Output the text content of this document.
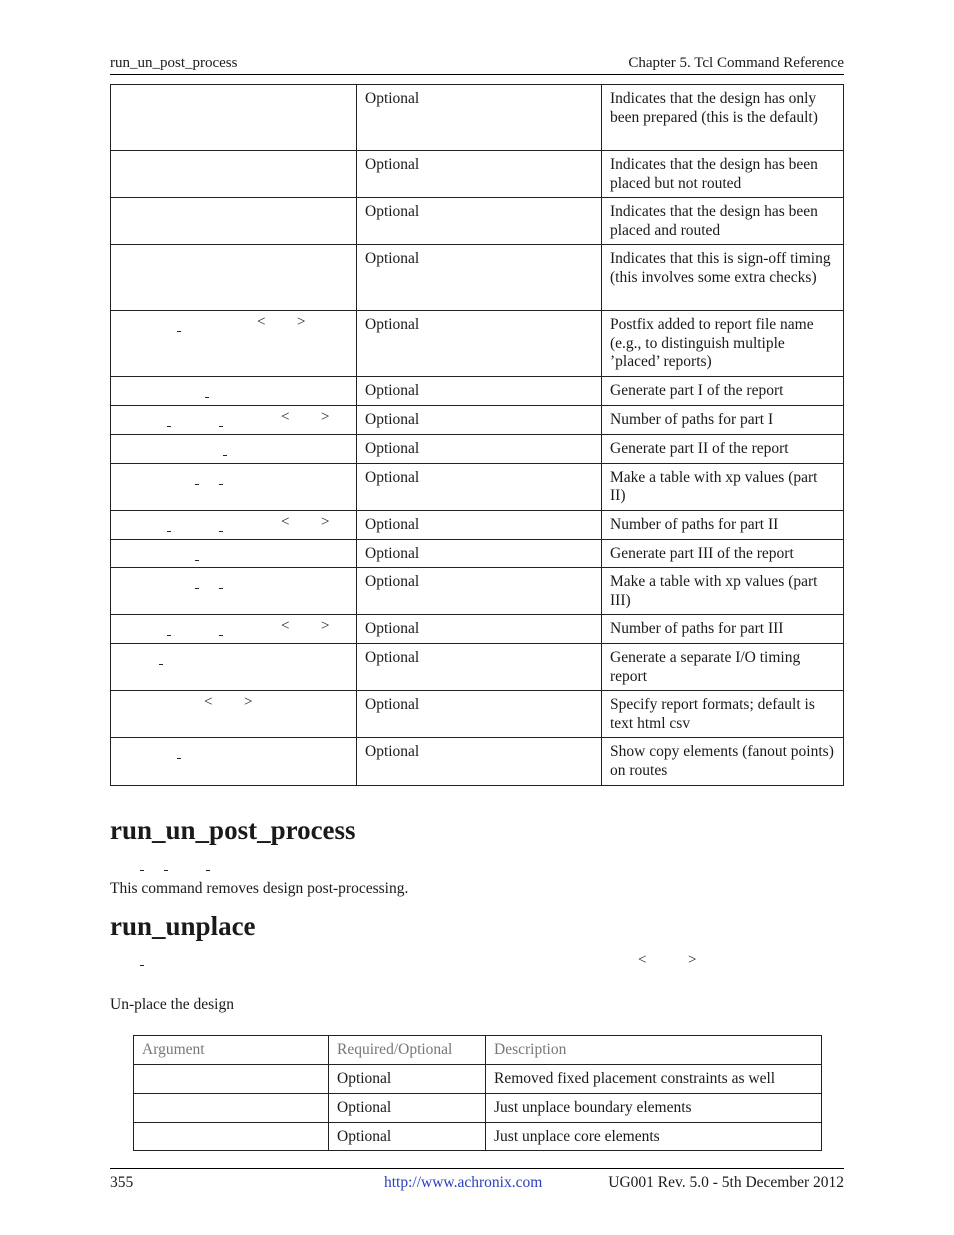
run_un_post_process	Chapter 5. Tcl Command Reference
	Optional	Indicates that the design has only been prepared (this is the default)
	Optional	Indicates that the design has been placed but not routed
	Optional	Indicates that the design has been placed and routed
	Optional	Indicates that this is sign-off timing (this involves some extra checks)

< >	Optional	Postfix added to report file name (e.g., to distinguish multiple ’placed’ reports)

	Optional	Generate part I of the report

< >	Optional	Number of paths for part I

	Optional	Generate part II of the report

	Optional	Make a table with xp values (part II)

< >	Optional	Number of paths for part II

	Optional	Generate part III of the report

	Optional	Make a table with xp values (part III)

< >	Optional	Number of paths for part III

	Optional	Generate a separate I/O timing report

< >	Optional	Specify report formats; default is text html csv

	Optional	Show copy elements (fanout points) on routes
run_un_post_process
This command removes design post-processing.
run_unplace
<	>
Un-place the design
Argument	Required/Optional	Description
	Optional	Removed fixed placement constraints as well
	Optional	Just unplace boundary elements
	Optional	Just unplace core elements
355	http://www.achronix.com	UG001 Rev. 5.0 - 5th December 2012
